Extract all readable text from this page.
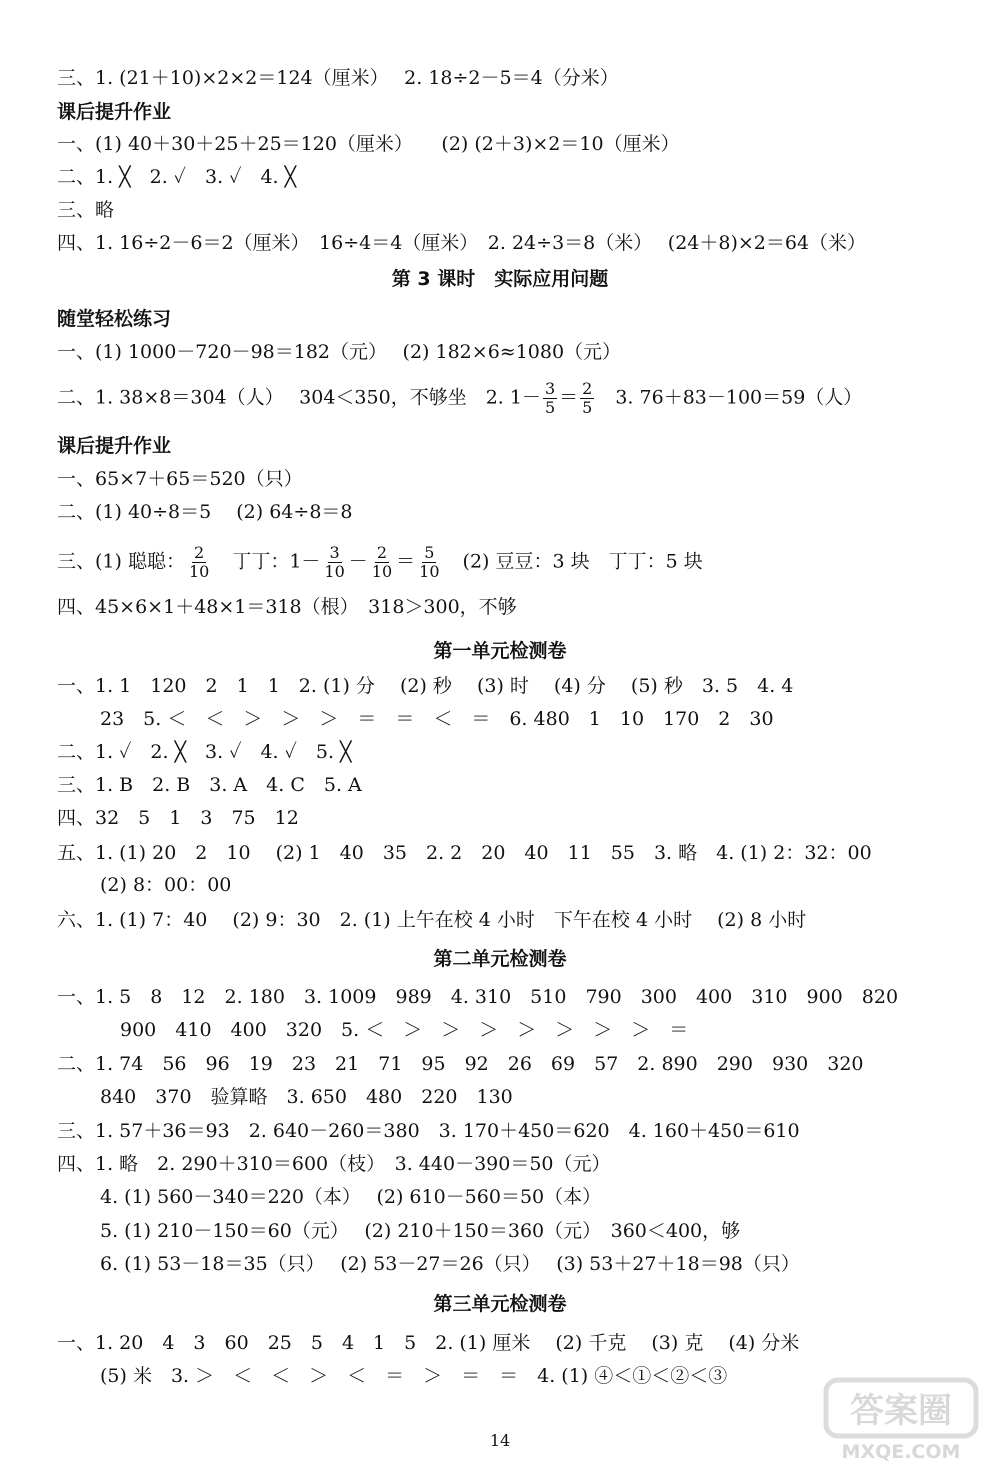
三、1. (21＋10)×2×2＝124（厘米）　 2. 18÷2－5＝4（分米）
课后提升作业
一、(1) 40＋30＋25＋25＝120（厘米）　　(2) (2＋3)×2＝10（厘米）
二、1. ╳　2. ✓　3. ✓　4. ╳
三、略
四、1. 16÷2－6＝2（厘米）　16÷4＝4（厘米）　2. 24÷3＝8（米）　 (24＋8)×2＝64（米）
第 3 课时　实际应用问题
随堂轻松练习
一、(1) 1000－720－98＝182（元）　 (2) 182×6≈1080（元）
二、1. 38×8＝304（人）　 304＜350，不够坐　2. $1- \frac{3}{5} = \frac{2}{5}$ 　3. 76＋83－100＝59（人）
课后提升作业
一、65×7＋65＝520（只）
二、(1) 40÷8＝5　 (2) 64÷8＝8
三、(1) 聪聪： $\frac{2}{10}$ 　丁丁：$1- \frac{3}{10} - \frac{2}{10} = \frac{5}{10}$ 　(2) 豆豆：3 块　丁丁：5 块
四、45×6×1＋48×1＝318（根）　318＞300，不够
第一单元检测卷
一、1. 1　120　2　1　1　2. (1) 分　 (2) 秒　 (3) 时　 (4) 分　 (5) 秒　3. 5　4. 4
23　5. ＜　＜　＞　＞　＞　＝　＝　＜　＝　6. 480　1　10　170　2　30
二、1. ✓　2. ╳　3. ✓　4. ✓　5. ╳
三、1. B　2. B　3. A　4. C　5. A
四、32　5　1　3　75　12
五、1. (1) 20　2　10　 (2) 1　40　35　2. 2　20　40　11　55　3. 略　4. (1) 2：32：00
(2) 8：00：00
六、1. (1) 7：40　 (2) 9：30　2. (1) 上午在校 4 小时　下午在校 4 小时　 (2) 8 小时
第二单元检测卷
一、1. 5　8　12　2. 180　3. 1009　989　4. 310　510　790　300　400　310　900　820
900　410　400　320　5. ＜　＞　＞　＞　＞　＞　＞　＞　＝
二、1. 74　56　96　19　23　21　71　95　92　26　69　57　2. 890　290　930　320
840　370　验算略　3. 650　480　220　130
三、1. 57＋36＝93　2. 640－260＝380　3. 170＋450＝620　4. 160＋450＝610
四、1. 略　2. 290＋310＝600（枝）　3. 440－390＝50（元）
4. (1) 560－340＝220（本）　 (2) 610－560＝50（本）
5. (1) 210－150＝60（元）　 (2) 210＋150＝360（元）　360＜400，够
6. (1) 53－18＝35（只）　 (2) 53－27＝26（只）　 (3) 53＋27＋18＝98（只）
第三单元检测卷
一、1. 20　4　3　60　25　5　4　1　5　2. (1) 厘米　 (2) 千克　 (3) 克　 (4) 分米
(5) 米　3. ＞　＜　＜　＞　＜　＝　＞　＝　＝　4. (1) ④＜①＜②＜③
14
答案圈
MXQE.COM
